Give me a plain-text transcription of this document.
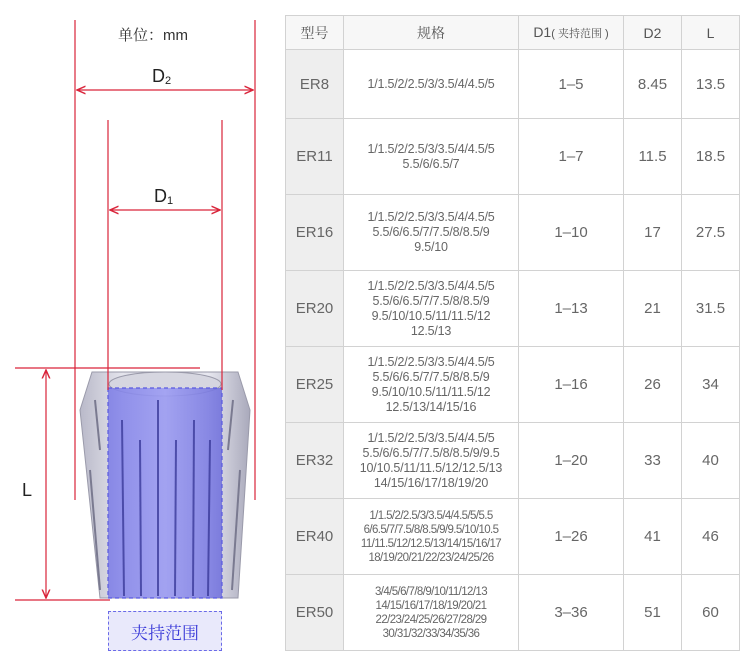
单位：mm
$D_2$
$D_1$
L
夹持范围
型号	规格	D1( 夹持范围 )	D2	L
ER8	1/1.5/2/2.5/3/3.5/4/4.5/5	1–5	8.45	13.5
ER11	1/1.5/2/2.5/3/3.5/4/4.5/5
5.5/6/6.5/7	1–7	11.5	18.5
ER16	1/1.5/2/2.5/3/3.5/4/4.5/5
5.5/6/6.5/7/7.5/8/8.5/9
9.5/10	1–10	17	27.5
ER20	1/1.5/2/2.5/3/3.5/4/4.5/5
5.5/6/6.5/7/7.5/8/8.5/9
9.5/10/10.5/11/11.5/12
12.5/13	1–13	21	31.5
ER25	1/1.5/2/2.5/3/3.5/4/4.5/5
5.5/6/6.5/7/7.5/8/8.5/9
9.5/10/10.5/11/11.5/12
12.5/13/14/15/16	1–16	26	34
ER32	1/1.5/2/2.5/3/3.5/4/4.5/5
5.5/6/6.5/7/7.5/8/8.5/9/9.5
10/10.5/11/11.5/12/12.5/13
14/15/16/17/18/19/20	1–20	33	40
ER40	1/1.5/2/2.5/3/3.5/4/4.5/5/5.5
6/6.5/7/7.5/8/8.5/9/9.5/10/10.5
11/11.5/12/12.5/13/14/15/16/17
18/19/20/21/22/23/24/25/26	1–26	41	46
ER50	3/4/5/6/7/8/9/10/11/12/13
14/15/16/17/18/19/20/21
22/23/24/25/26/27/28/29
30/31/32/33/34/35/36	3–36	51	60
